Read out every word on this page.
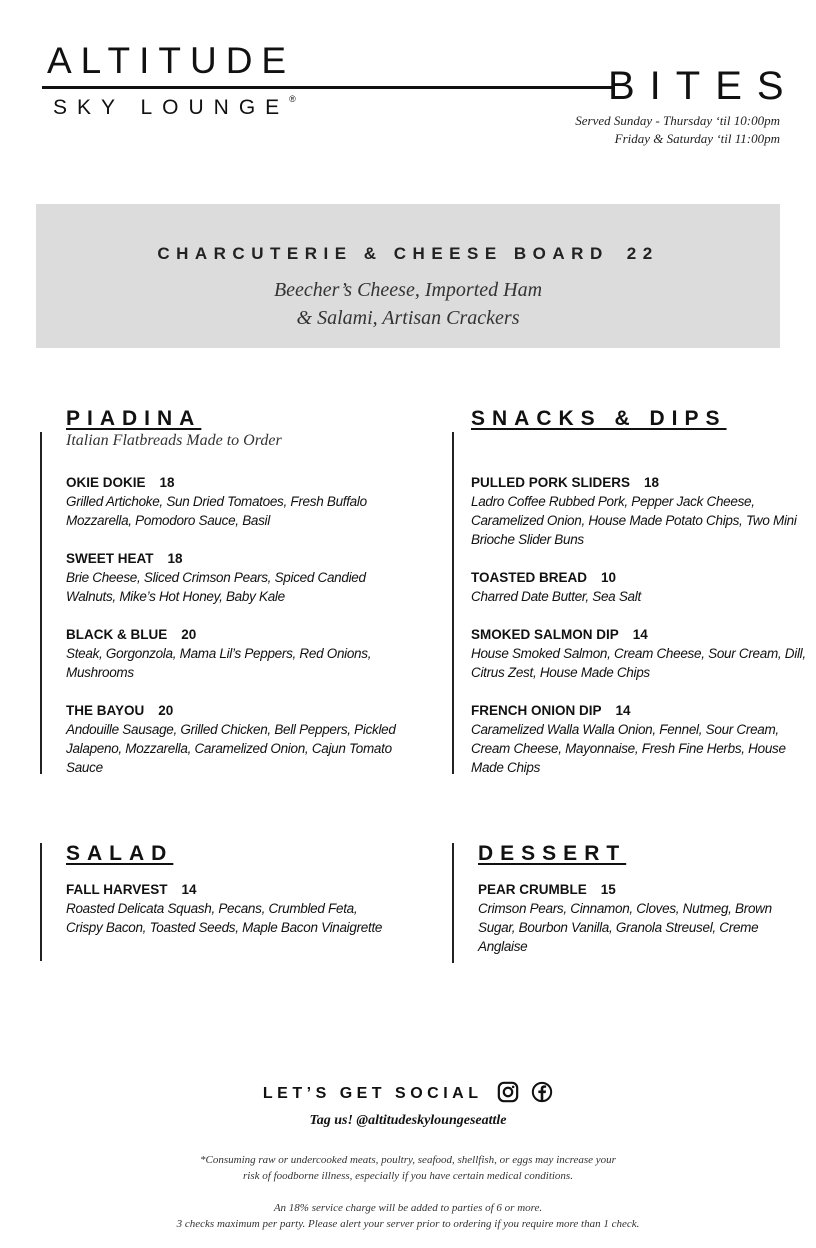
ALTITUDE
SKY LOUNGE®	BITES
Served Sunday - Thursday ‘til 10:00pm
Friday & Saturday ‘til 11:00pm
CHARCUTERIE & CHEESE BOARD 22
Beecher’s Cheese, Imported Ham
& Salami, Artisan Crackers
PIADINA
Italian Flatbreads Made to Order
OKIE DOKIE 18
Grilled Artichoke, Sun Dried Tomatoes, Fresh Buffalo Mozzarella, Pomodoro Sauce, Basil
SWEET HEAT 18
Brie Cheese, Sliced Crimson Pears, Spiced Candied Walnuts, Mike’s Hot Honey, Baby Kale
BLACK & BLUE 20
Steak, Gorgonzola, Mama Lil’s Peppers, Red Onions, Mushrooms
THE BAYOU 20
Andouille Sausage, Grilled Chicken, Bell Peppers, Pickled Jalapeno, Mozzarella, Caramelized Onion, Cajun Tomato Sauce
SNACKS & DIPS
PULLED PORK SLIDERS 18
Ladro Coffee Rubbed Pork, Pepper Jack Cheese, Caramelized Onion, House Made Potato Chips, Two Mini Brioche Slider Buns
TOASTED BREAD 10
Charred Date Butter, Sea Salt
SMOKED SALMON DIP 14
House Smoked Salmon, Cream Cheese, Sour Cream, Dill, Citrus Zest, House Made Chips
FRENCH ONION DIP 14
Caramelized Walla Walla Onion, Fennel, Sour Cream, Cream Cheese, Mayonnaise, Fresh Fine Herbs, House Made Chips
SALAD
FALL HARVEST 14
Roasted Delicata Squash, Pecans, Crumbled Feta, Crispy Bacon, Toasted Seeds, Maple Bacon Vinaigrette
DESSERT
PEAR CRUMBLE 15
Crimson Pears, Cinnamon, Cloves, Nutmeg, Brown Sugar, Bourbon Vanilla, Granola Streusel, Creme Anglaise
LET’S GET SOCIAL
Tag us! @altitudeskyloungeseattle
*Consuming raw or undercooked meats, poultry, seafood, shellfish, or eggs may increase your
risk of foodborne illness, especially if you have certain medical conditions.
An 18% service charge will be added to parties of 6 or more.
3 checks maximum per party. Please alert your server prior to ordering if you require more than 1 check.
